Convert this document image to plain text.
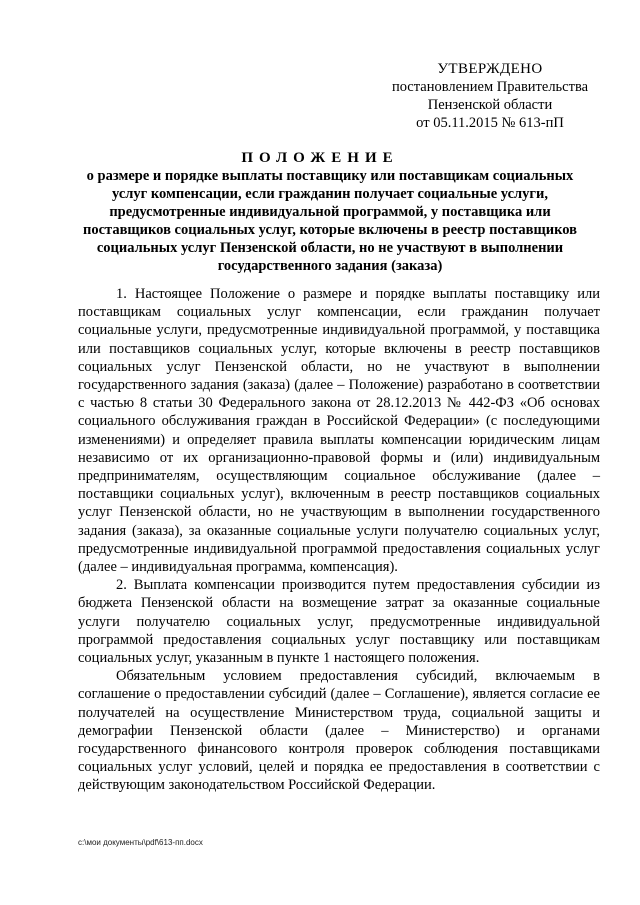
УТВЕРЖДЕНО
постановлением Правительства
Пензенской области
от 05.11.2015 № 613-пП
ПОЛОЖЕНИЕ
о размере и порядке выплаты поставщику или поставщикам социальных услуг компенсации, если гражданин получает социальные услуги, предусмотренные индивидуальной программой, у поставщика или поставщиков социальных услуг, которые включены в реестр поставщиков социальных услуг Пензенской области, но не участвуют в выполнении государственного задания (заказа)

1. Настоящее Положение о размере и порядке выплаты поставщику или поставщикам социальных услуг компенсации, если гражданин получает социальные услуги, предусмотренные индивидуальной программой, у поставщика или поставщиков социальных услуг, которые включены в реестр поставщиков социальных услуг Пензенской области, но не участвуют в выполнении государственного задания (заказа) (далее – Положение) разработано в соответствии с частью 8 статьи 30 Федерального закона от 28.12.2013 № 442-ФЗ «Об основах социального обслуживания граждан в Российской Федерации» (с последующими изменениями) и определяет правила выплаты компенсации юридическим лицам независимо от их организационно-правовой формы и (или) индивидуальным предпринимателям, осуществляющим социальное обслуживание (далее – поставщики социальных услуг), включенным в реестр поставщиков социальных услуг Пензенской области, но не участвующим в выполнении государственного задания (заказа), за оказанные социальные услуги получателю социальных услуг, предусмотренные индивидуальной программой предоставления социальных услуг (далее – индивидуальная программа, компенсация).

2. Выплата компенсации производится путем предоставления субсидии из бюджета Пензенской области на возмещение затрат за оказанные социальные услуги получателю социальных услуг, предусмотренные индивидуальной программой предоставления социальных услуг поставщику или поставщикам социальных услуг, указанным в пункте 1 настоящего положения.

Обязательным условием предоставления субсидий, включаемым в соглашение о предоставлении субсидий (далее – Соглашение), является согласие ее получателей на осуществление Министерством труда, социальной защиты и демографии Пензенской области (далее – Министерство) и органами государственного финансового контроля проверок соблюдения поставщиками социальных услуг условий, целей и порядка ее предоставления в соответствии с действующим законодательством Российской Федерации.

c:\мои документы\pdf\613-пп.docx
